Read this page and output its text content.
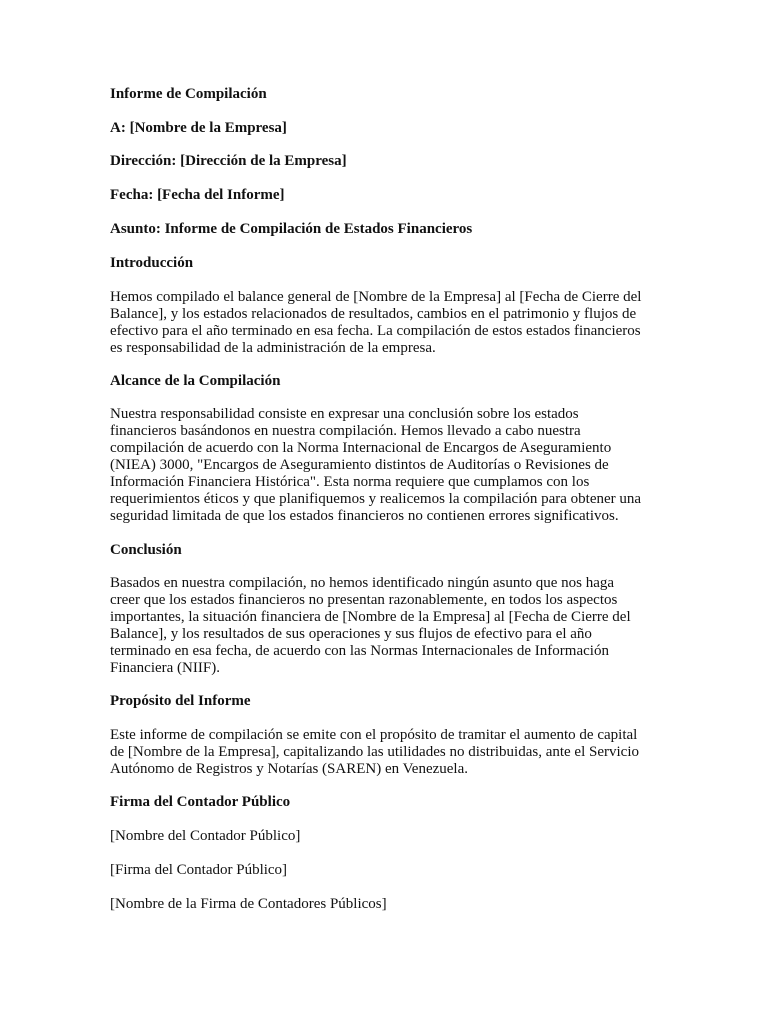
Informe de Compilación
A: [Nombre de la Empresa]
Dirección: [Dirección de la Empresa]
Fecha: [Fecha del Informe]
Asunto: Informe de Compilación de Estados Financieros
Introducción
Hemos compilado el balance general de [Nombre de la Empresa] al [Fecha de Cierre del
Balance], y los estados relacionados de resultados, cambios en el patrimonio y flujos de
efectivo para el año terminado en esa fecha. La compilación de estos estados financieros
es responsabilidad de la administración de la empresa.
Alcance de la Compilación
Nuestra responsabilidad consiste en expresar una conclusión sobre los estados
financieros basándonos en nuestra compilación. Hemos llevado a cabo nuestra
compilación de acuerdo con la Norma Internacional de Encargos de Aseguramiento
(NIEA) 3000, "Encargos de Aseguramiento distintos de Auditorías o Revisiones de
Información Financiera Histórica". Esta norma requiere que cumplamos con los
requerimientos éticos y que planifiquemos y realicemos la compilación para obtener una
seguridad limitada de que los estados financieros no contienen errores significativos.
Conclusión
Basados en nuestra compilación, no hemos identificado ningún asunto que nos haga
creer que los estados financieros no presentan razonablemente, en todos los aspectos
importantes, la situación financiera de [Nombre de la Empresa] al [Fecha de Cierre del
Balance], y los resultados de sus operaciones y sus flujos de efectivo para el año
terminado en esa fecha, de acuerdo con las Normas Internacionales de Información
Financiera (NIIF).
Propósito del Informe
Este informe de compilación se emite con el propósito de tramitar el aumento de capital
de [Nombre de la Empresa], capitalizando las utilidades no distribuidas, ante el Servicio
Autónomo de Registros y Notarías (SAREN) en Venezuela.
Firma del Contador Público
[Nombre del Contador Público]
[Firma del Contador Público]
[Nombre de la Firma de Contadores Públicos]
